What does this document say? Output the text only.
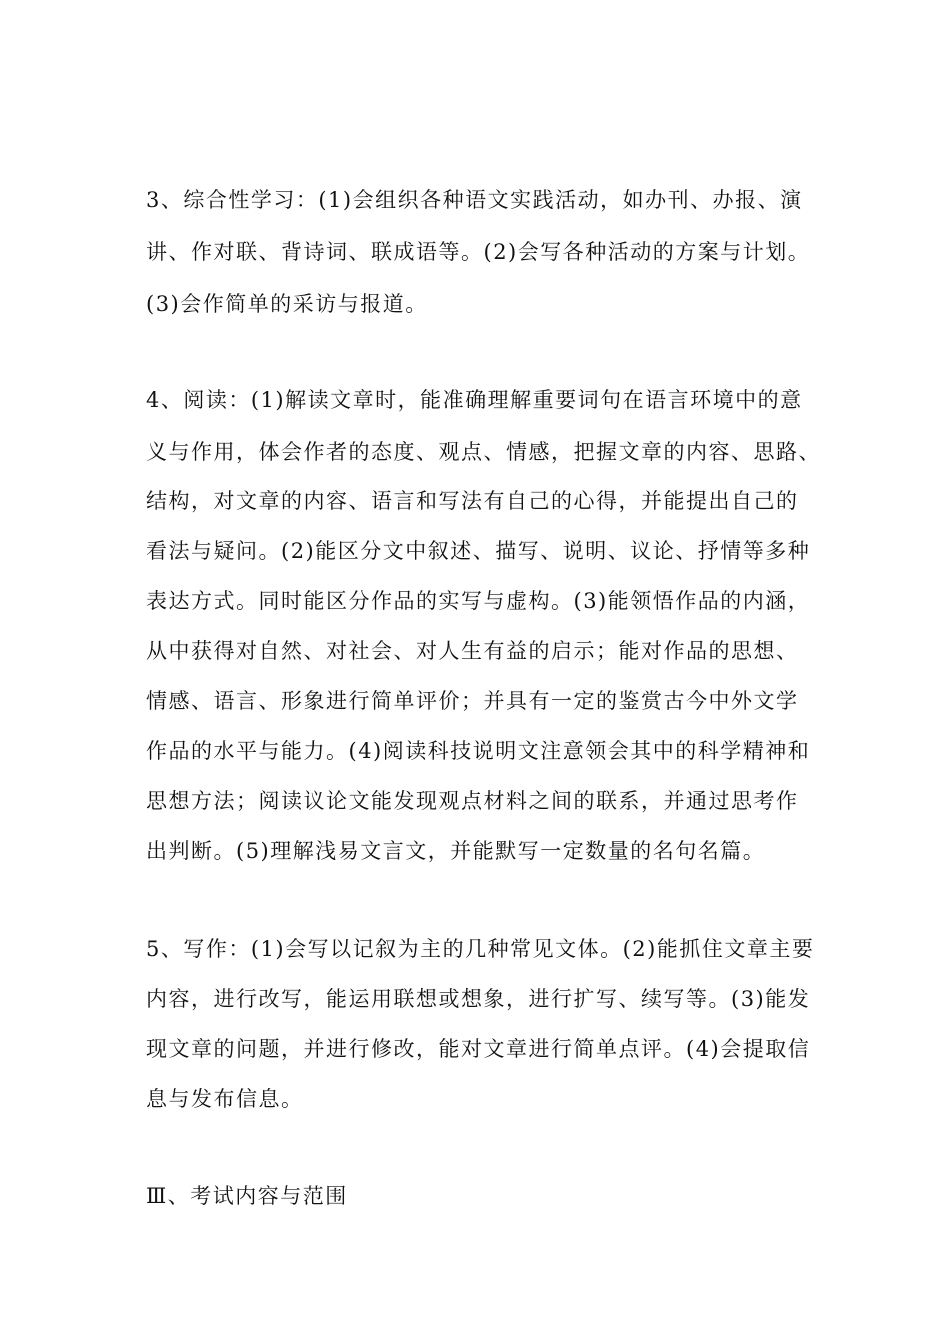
3、综合性学习：(1)会组织各种语文实践活动，如办刊、办报、演
讲、作对联、背诗词、联成语等。(2)会写各种活动的方案与计划。
(3)会作简单的采访与报道。
4、阅读：(1)解读文章时，能准确理解重要词句在语言环境中的意
义与作用，体会作者的态度、观点、情感，把握文章的内容、思路、
结构，对文章的内容、语言和写法有自己的心得，并能提出自己的
看法与疑问。(2)能区分文中叙述、描写、说明、议论、抒情等多种
表达方式。同时能区分作品的实写与虚构。(3)能领悟作品的内涵，
从中获得对自然、对社会、对人生有益的启示；能对作品的思想、
情感、语言、形象进行简单评价；并具有一定的鉴赏古今中外文学
作品的水平与能力。(4)阅读科技说明文注意领会其中的科学精神和
思想方法；阅读议论文能发现观点材料之间的联系，并通过思考作
出判断。(5)理解浅易文言文，并能默写一定数量的名句名篇。
5、写作：(1)会写以记叙为主的几种常见文体。(2)能抓住文章主要
内容，进行改写，能运用联想或想象，进行扩写、续写等。(3)能发
现文章的问题，并进行修改，能对文章进行简单点评。(4)会提取信
息与发布信息。
Ⅲ、考试内容与范围
